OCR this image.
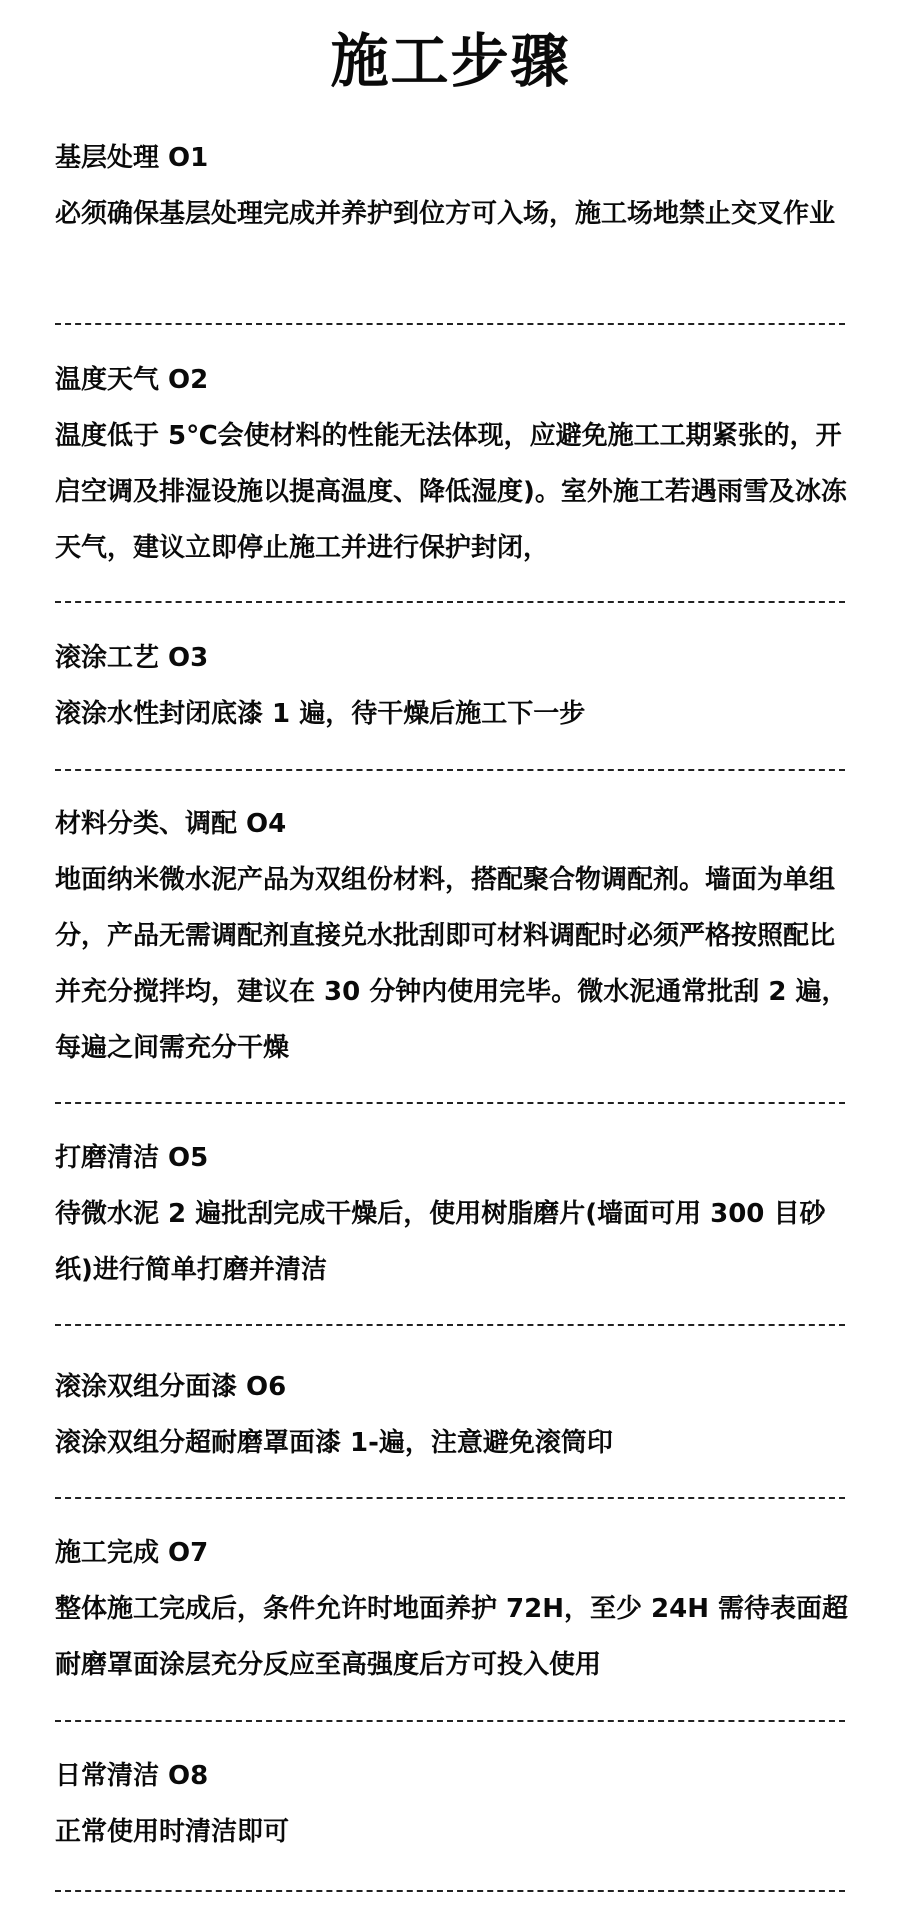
施工步骤
基层处理 O1
必须确保基层处理完成并养护到位方可入场，施工场地禁止交叉作业
温度天气 O2
温度低于 5℃会使材料的性能无法体现，应避免施工工期紧张的，开启空调及排湿设施以提高温度、降低湿度)。室外施工若遇雨雪及冰冻天气，建议立即停止施工并进行保护封闭，
滚涂工艺 O3
滚涂水性封闭底漆 1 遍，待干燥后施工下一步
材料分类、调配 O4
地面纳米微水泥产品为双组份材料，搭配聚合物调配剂。墙面为单组分，产品无需调配剂直接兑水批刮即可材料调配时必须严格按照配比并充分搅拌均，建议在 30 分钟内使用完毕。微水泥通常批刮 2 遍，每遍之间需充分干燥
打磨清洁 O5
待微水泥 2 遍批刮完成干燥后，使用树脂磨片(墙面可用 300 目砂纸)进行简单打磨并清洁
滚涂双组分面漆 O6
滚涂双组分超耐磨罩面漆 1-遍，注意避免滚筒印
施工完成 O7
整体施工完成后，条件允许时地面养护 72H，至少 24H 需待表面超耐磨罩面涂层充分反应至高强度后方可投入使用
日常清洁 O8
正常使用时清洁即可
